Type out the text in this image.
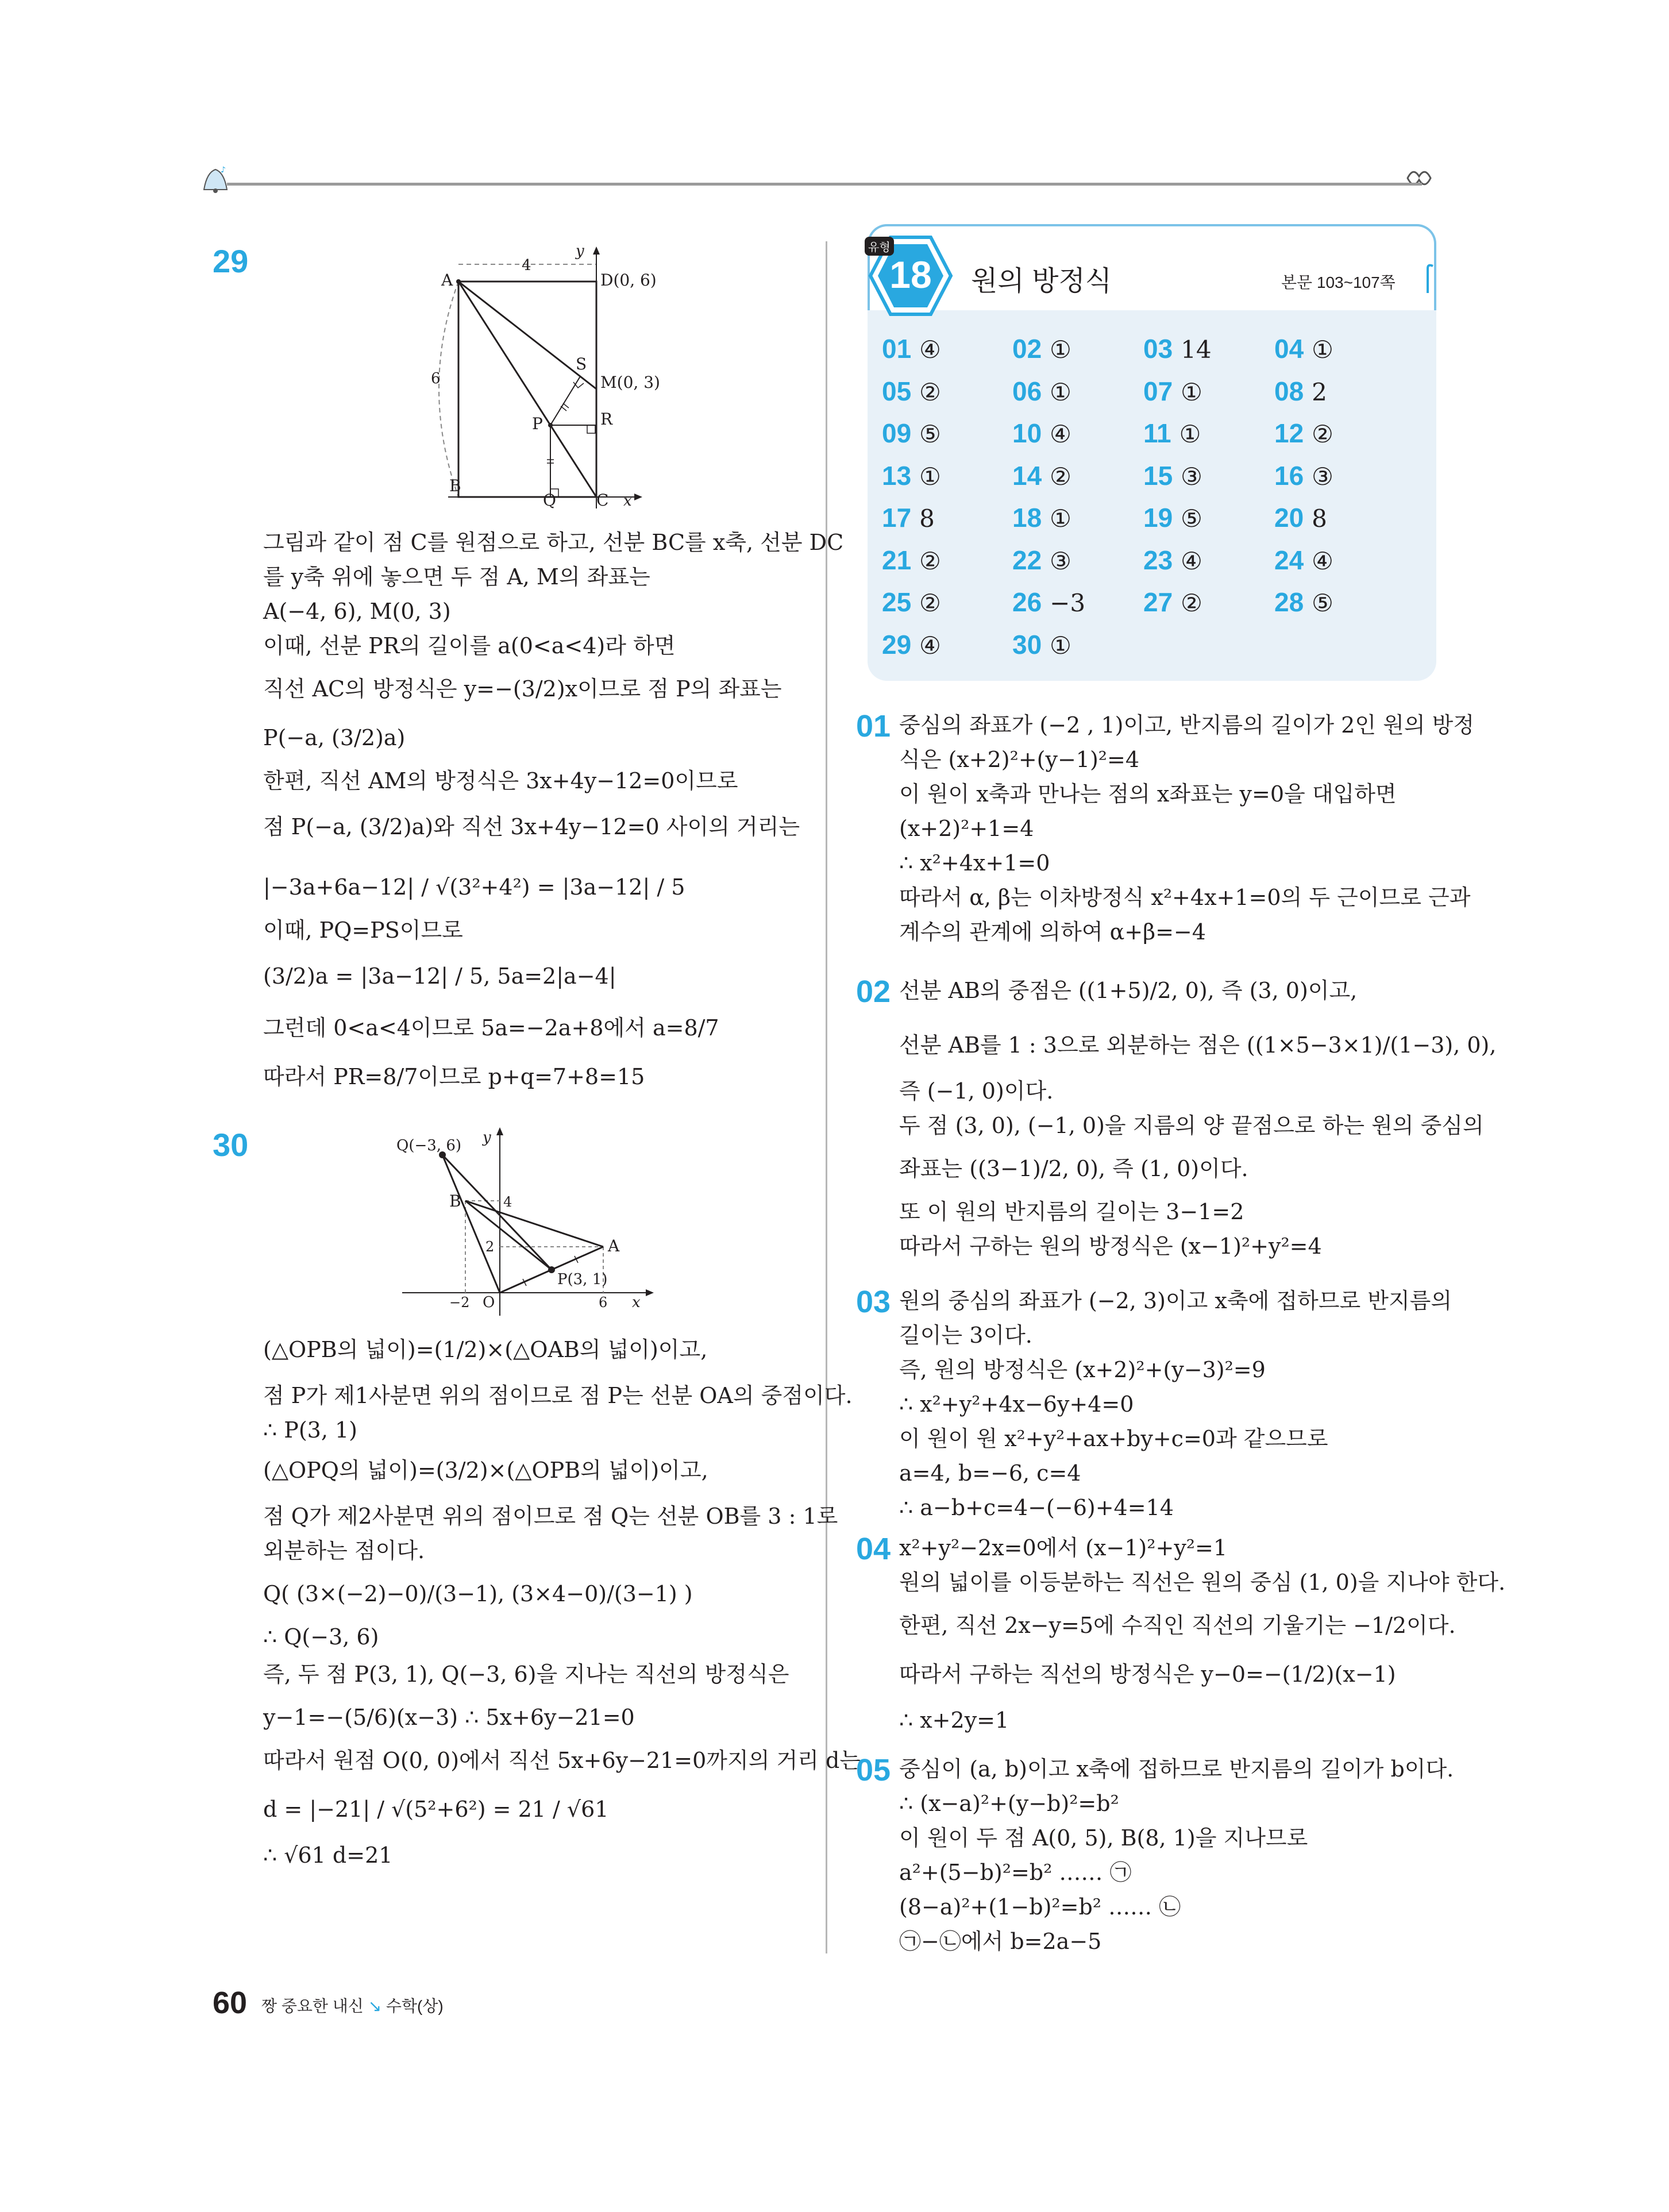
♪
29	4
y
A	D(0, 6)
6
S
M(0, 3)
P	R
B
Q	C x
그림과 같이 점 C를 원점으로 하고, 선분 BC를 x축, 선분 DC
를 y축 위에 놓으면 두 점 A, M의 좌표는
A(−4, 6), M(0, 3)
이때, 선분 PR의 길이를 a(0<a<4)라 하면
직선 AC의 방정식은 y=−(3/2)x이므로 점 P의 좌표는
P(−a, (3/2)a)
한편, 직선 AM의 방정식은 3x+4y−12=0이므로
점 P(−a, (3/2)a)와 직선 3x+4y−12=0 사이의 거리는
|−3a+6a−12| / √(3²+4²) = |3a−12| / 5
이때, PQ=PS이므로
(3/2)a = |3a−12| / 5, 5a=2|a−4|
그런데 0<a<4이므로 5a=−2a+8에서 a=8/7
따라서 PR=8/7이므로 p+q=7+8=15
30	Q(−3, 6) y
B	4
A
2
P(3, 1)
−2 O	6 x
(△OPB의 넓이)=(1/2)×(△OAB의 넓이)이고,
점 P가 제1사분면 위의 점이므로 점 P는 선분 OA의 중점이다.
∴ P(3, 1)
(△OPQ의 넓이)=(3/2)×(△OPB의 넓이)이고,
점 Q가 제2사분면 위의 점이므로 점 Q는 선분 OB를 3 : 1로
외분하는 점이다.
Q( (3×(−2)−0)/(3−1), (3×4−0)/(3−1) )
∴ Q(−3, 6)
즉, 두 점 P(3, 1), Q(−3, 6)을 지나는 직선의 방정식은
y−1=−(5/6)(x−3) ∴ 5x+6y−21=0
따라서 원점 O(0, 0)에서 직선 5x+6y−21=0까지의 거리 d는
d = |−21| / √(5²+6²) = 21 / √61
∴ √61 d=21
유형
18 원의 방정식	본문 103~107쪽
01 ④	02 ①	03 14 04 ①
05 ②	06 ①	07 ①	08 2
09 ⑤	10 ④	11 ①	12 ②
13 ①	14 ②	15 ③	16 ③
17 8	18 ①	19 ⑤	20 8
21 ②	22 ③	23 ④	24 ④
25 ②	26 −3 27 ②	28 ⑤
29 ④	30 ①
01 중심의 좌표가 (−2 , 1)이고, 반지름의 길이가 2인 원의 방정
식은 (x+2)²+(y−1)²=4
이 원이 x축과 만나는 점의 x좌표는 y=0을 대입하면
(x+2)²+1=4
∴ x²+4x+1=0
따라서 α, β는 이차방정식 x²+4x+1=0의 두 근이므로 근과
계수의 관계에 의하여 α+β=−4
02 선분 AB의 중점은 ((1+5)/2, 0), 즉 (3, 0)이고,
선분 AB를 1 : 3으로 외분하는 점은 ((1×5−3×1)/(1−3), 0),
즉 (−1, 0)이다.
두 점 (3, 0), (−1, 0)을 지름의 양 끝점으로 하는 원의 중심의
좌표는 ((3−1)/2, 0), 즉 (1, 0)이다.
또 이 원의 반지름의 길이는 3−1=2
따라서 구하는 원의 방정식은 (x−1)²+y²=4
03 원의 중심의 좌표가 (−2, 3)이고 x축에 접하므로 반지름의
길이는 3이다.
즉, 원의 방정식은 (x+2)²+(y−3)²=9
∴ x²+y²+4x−6y+4=0
이 원이 원 x²+y²+ax+by+c=0과 같으므로
a=4, b=−6, c=4
∴ a−b+c=4−(−6)+4=14
04 x²+y²−2x=0에서 (x−1)²+y²=1
원의 넓이를 이등분하는 직선은 원의 중심 (1, 0)을 지나야 한다.
한편, 직선 2x−y=5에 수직인 직선의 기울기는 −1/2이다.
따라서 구하는 직선의 방정식은 y−0=−(1/2)(x−1)
∴ x+2y=1
05 중심이 (a, b)이고 x축에 접하므로 반지름의 길이가 b이다.
∴ (x−a)²+(y−b)²=b²
이 원이 두 점 A(0, 5), B(8, 1)을 지나므로
a²+(5−b)²=b² …… ㉠
(8−a)²+(1−b)²=b² …… ㉡
㉠−㉡에서 b=2a−5
60 짱 중요한 내신 ↘ 수학(상)
